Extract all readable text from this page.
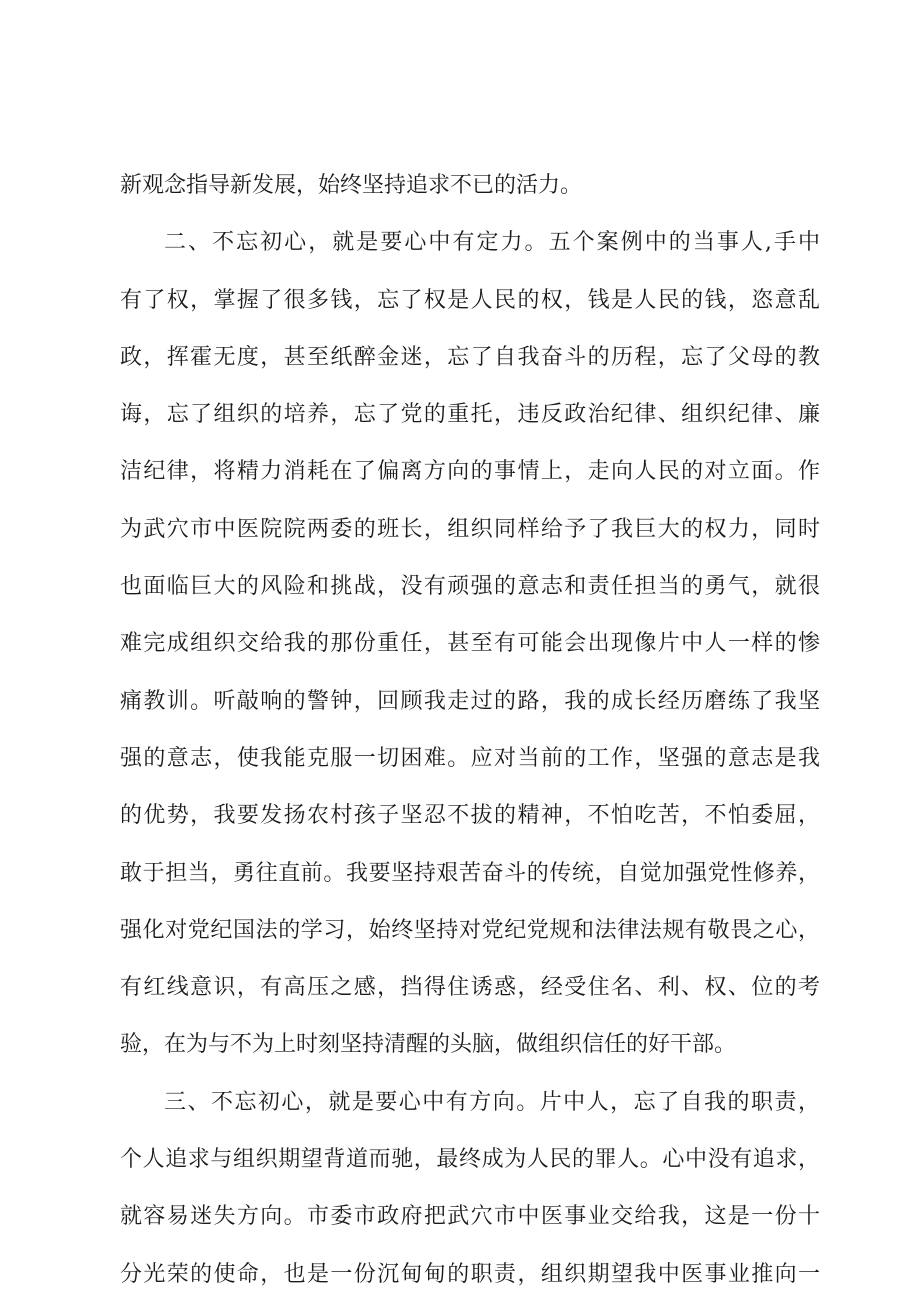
新观念指导新发展，始终坚持追求不已的活力。
二、不忘初心，就是要心中有定力。五个案例中的当事人,手中
有了权，掌握了很多钱，忘了权是人民的权，钱是人民的钱，恣意乱
政，挥霍无度，甚至纸醉金迷，忘了自我奋斗的历程，忘了父母的教
诲，忘了组织的培养，忘了党的重托，违反政治纪律、组织纪律、廉
洁纪律，将精力消耗在了偏离方向的事情上，走向人民的对立面。作
为武穴市中医院院两委的班长，组织同样给予了我巨大的权力，同时
也面临巨大的风险和挑战，没有顽强的意志和责任担当的勇气，就很
难完成组织交给我的那份重任，甚至有可能会出现像片中人一样的惨
痛教训。听敲响的警钟，回顾我走过的路，我的成长经历磨练了我坚
强的意志，使我能克服一切困难。应对当前的工作，坚强的意志是我
的优势，我要发扬农村孩子坚忍不拔的精神，不怕吃苦，不怕委屈，
敢于担当，勇往直前。我要坚持艰苦奋斗的传统，自觉加强党性修养，
强化对党纪国法的学习，始终坚持对党纪党规和法律法规有敬畏之心，
有红线意识，有高压之感，挡得住诱惑，经受住名、利、权、位的考
验，在为与不为上时刻坚持清醒的头脑，做组织信任的好干部。
三、不忘初心，就是要心中有方向。片中人，忘了自我的职责，
个人追求与组织期望背道而驰，最终成为人民的罪人。心中没有追求，
就容易迷失方向。市委市政府把武穴市中医事业交给我，这是一份十
分光荣的使命，也是一份沉甸甸的职责，组织期望我中医事业推向一
